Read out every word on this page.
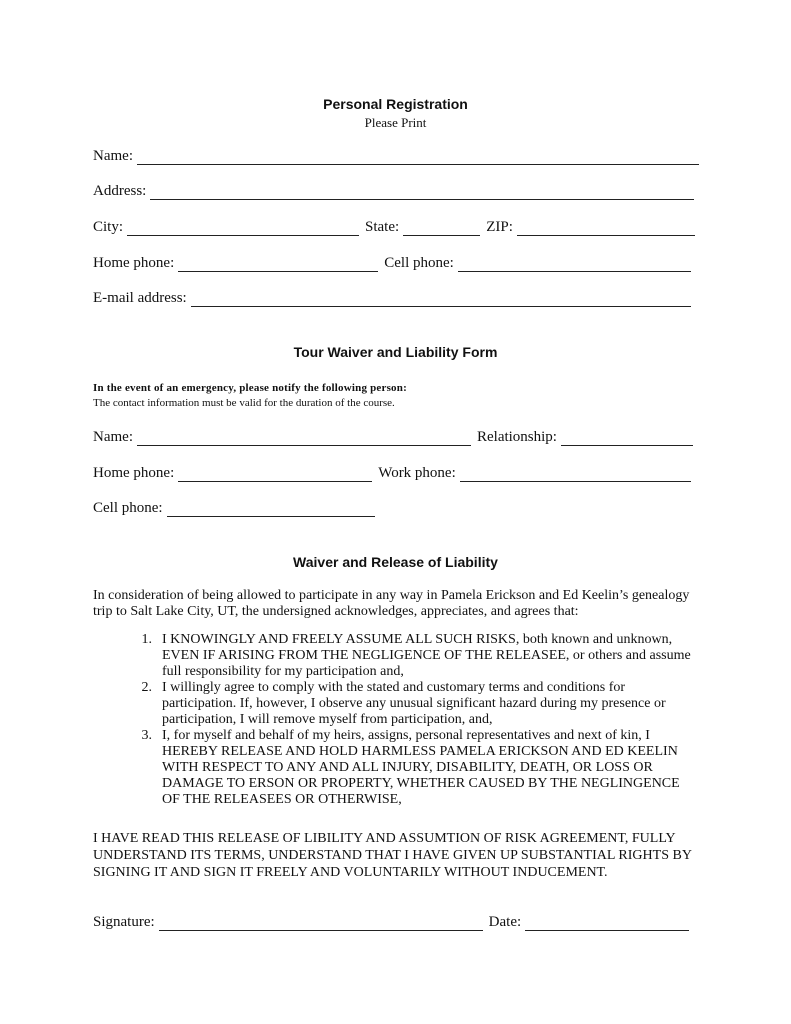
Personal Registration
Please Print
Name:
Address:
City:	State:	ZIP:
Home phone:	Cell phone:
E-mail address:
Tour Waiver and Liability Form
In the event of an emergency, please notify the following person:
The contact information must be valid for the duration of the course.
Name:	Relationship:
Home phone:	Work phone:
Cell phone:
Waiver and Release of Liability
In consideration of being allowed to participate in any way in Pamela Erickson and Ed Keelin’s genealogy trip to Salt Lake City, UT, the undersigned acknowledges, appreciates, and agrees that:
1. I KNOWINGLY AND FREELY ASSUME ALL SUCH RISKS, both known and unknown, EVEN IF ARISING FROM THE NEGLIGENCE OF THE RELEASEE, or others and assume full responsibility for my participation and,
2. I willingly agree to comply with the stated and customary terms and conditions for participation. If, however, I observe any unusual significant hazard during my presence or participation, I will remove myself from participation, and,
3. I, for myself and behalf of my heirs, assigns, personal representatives and next of kin, I HEREBY RELEASE AND HOLD HARMLESS PAMELA ERICKSON AND ED KEELIN WITH RESPECT TO ANY AND ALL INJURY, DISABILITY, DEATH, OR LOSS OR DAMAGE TO ERSON OR PROPERTY, WHETHER CAUSED BY THE NEGLINGENCE OF THE RELEASEES OR OTHERWISE,
I HAVE READ THIS RELEASE OF LIBILITY AND ASSUMTION OF RISK AGREEMENT, FULLY UNDERSTAND ITS TERMS, UNDERSTAND THAT I HAVE GIVEN UP SUBSTANTIAL RIGHTS BY SIGNING IT AND SIGN IT FREELY AND VOLUNTARILY WITHOUT INDUCEMENT.
Signature:	Date:
